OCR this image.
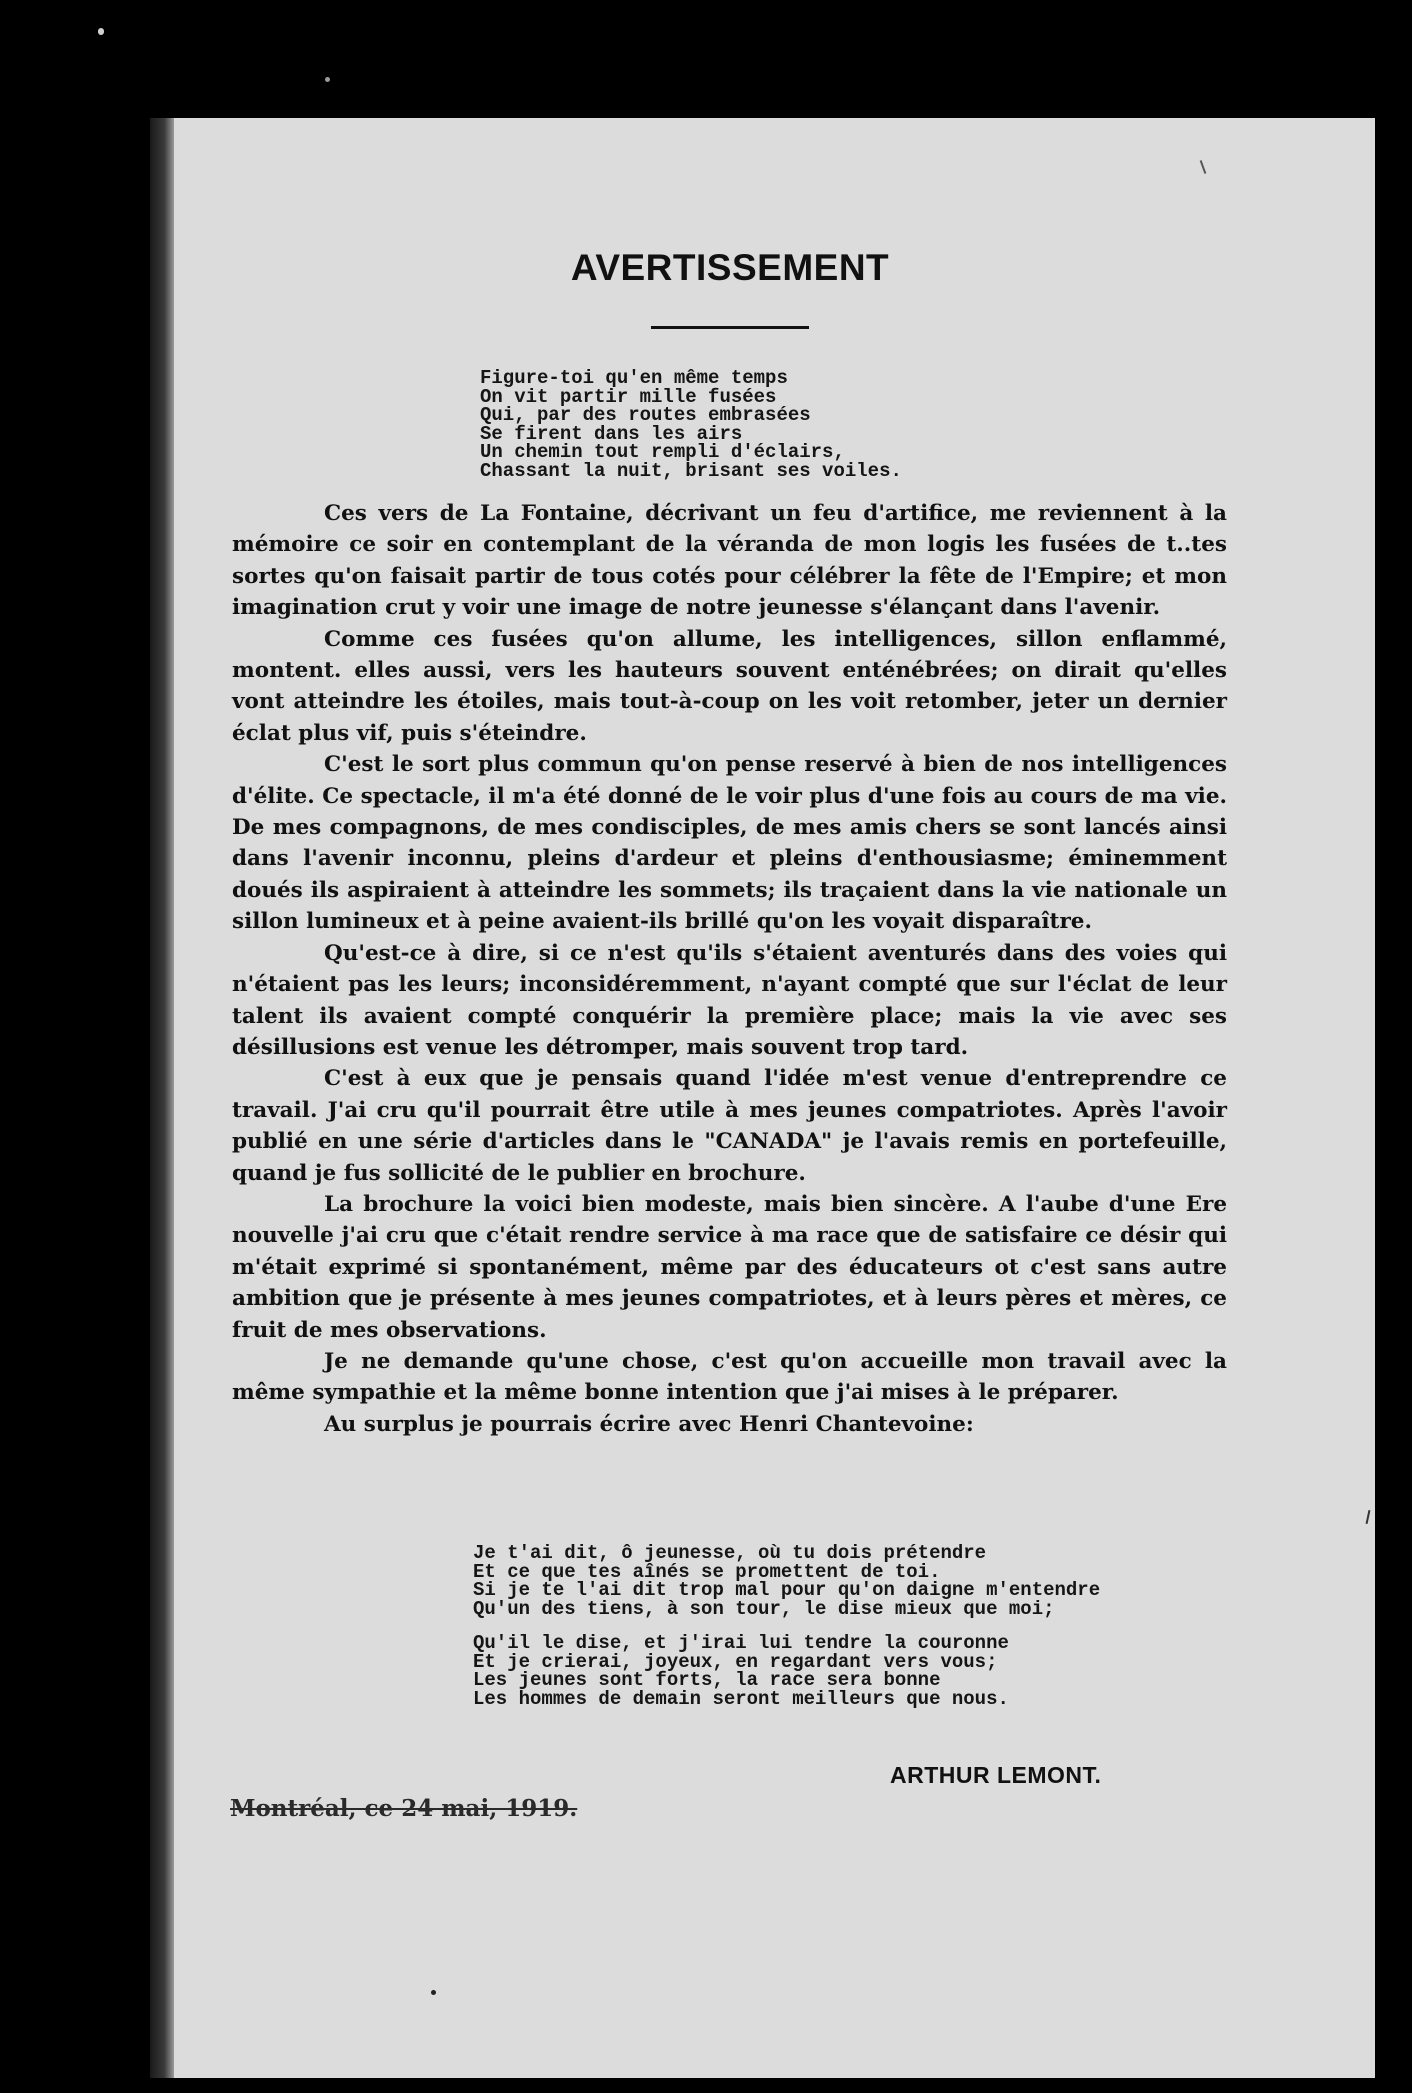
AVERTISSEMENT
Figure-toi qu'en même temps
On vit partir mille fusées
Qui, par des routes embrasées
Se firent dans les airs
Un chemin tout rempli d'éclairs,
Chassant la nuit, brisant ses voiles.

Ces vers de La Fontaine, décrivant un feu d'artifice, me reviennent à la mémoire ce soir en contemplant de la véranda de mon logis les fusées de t..tes sortes qu'on faisait partir de tous cotés pour célébrer la fête de l'Empire; et mon imagination crut y voir une image de notre jeunesse s'élançant dans l'avenir.

Comme ces fusées qu'on allume, les intelligences, sillon enflammé, montent. elles aussi, vers les hauteurs souvent enténébrées; on dirait qu'elles vont atteindre les étoiles, mais tout-à-coup on les voit retomber, jeter un dernier éclat plus vif, puis s'éteindre.

C'est le sort plus commun qu'on pense reservé à bien de nos intelligences d'élite. Ce spectacle, il m'a été donné de le voir plus d'une fois au cours de ma vie. De mes compagnons, de mes condisciples, de mes amis chers se sont lancés ainsi dans l'avenir inconnu, pleins d'ardeur et pleins d'enthousiasme; éminemment doués ils aspiraient à atteindre les sommets; ils traçaient dans la vie nationale un sillon lumineux et à peine avaient-ils brillé qu'on les voyait disparaître.

Qu'est-ce à dire, si ce n'est qu'ils s'étaient aventurés dans des voies qui n'étaient pas les leurs; inconsidéremment, n'ayant compté que sur l'éclat de leur talent ils avaient compté conquérir la première place; mais la vie avec ses désillusions est venue les détromper, mais souvent trop tard.

C'est à eux que je pensais quand l'idée m'est venue d'entreprendre ce travail. J'ai cru qu'il pourrait être utile à mes jeunes compatriotes. Après l'avoir publié en une série d'articles dans le "CANADA" je l'avais remis en portefeuille, quand je fus sollicité de le publier en brochure.

La brochure la voici bien modeste, mais bien sincère. A l'aube d'une Ere nouvelle j'ai cru que c'était rendre service à ma race que de satisfaire ce désir qui m'était exprimé si spontanément, même par des éducateurs ot c'est sans autre ambition que je présente à mes jeunes compatriotes, et à leurs pères et mères, ce fruit de mes observations.

Je ne demande qu'une chose, c'est qu'on accueille mon travail avec la même sympathie et la même bonne intention que j'ai mises à le préparer.

Au surplus je pourrais écrire avec Henri Chantevoine:

Je t'ai dit, ô jeunesse, où tu dois prétendre
Et ce que tes aînés se promettent de toi.
Si je te l'ai dit trop mal pour qu'on daigne m'entendre
Qu'un des tiens, à son tour, le dise mieux que moi;
Qu'il le dise, et j'irai lui tendre la couronne
Et je crierai, joyeux, en regardant vers vous;
Les jeunes sont forts, la race sera bonne
Les hommes de demain seront meilleurs que nous.
ARTHUR LEMONT.
Montréal, ce 24 mai, 1919.
